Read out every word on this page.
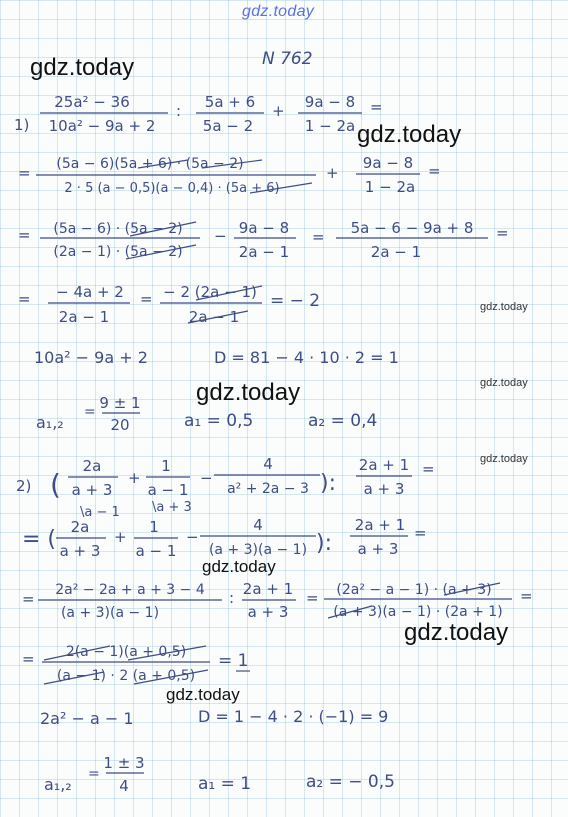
gdz.today
gdz.today
gdz.today
gdz.today
gdz.today
gdz.today
gdz.today
gdz.today
gdz.today
gdz.today
N 762
1)
25a² − 36
10a² − 9a + 2
: 5a + 6
5a − 2
+ 9a − 8
1 − 2a
=
= (5a − 6)(5a + 6) · (5a − 2)
2 · 5 (a − 0,5)(a − 0,4) · (5a + 6)
+
9a − 8
1 − 2a
=
= (5a − 6) · (5a − 2)
(2a − 1) · (5a − 2)
− 9a − 8
2a − 1
= 5a − 6 − 9a + 8
2a − 1
=
= − 4a + 2
2a − 1
= − 2 (2a − 1)
2a − 1
= − 2
10a² − 9a + 2	D = 81 − 4 · 10 · 2 = 1
a₁,₂
= 9 ± 1
20	a₁ = 0,5	a₂ = 0,4
2) (
2a
a + 3
+
1
a − 1
−
4
a² + 2a − 3 ):
2a + 1
a + 3
=
\a − 1 \a + 3
= ( 2a
a + 3
+
1
a − 1
−
4
(a + 3)(a − 1) ):
2a + 1
a + 3
=
= 2a² − 2a + a + 3 − 4
(a + 3)(a − 1)
: 2a + 1
a + 3
= (2a² − a − 1) · (a + 3)
(a + 3)(a − 1) · (2a + 1)
=
= 2(a − 1)(a + 0,5)
(a − 1) · 2 (a + 0,5)
= 1
2a² − a − 1	D = 1 − 4 · 2 · (−1) = 9
a₁,₂
=
1 ± 3
4	a₁ = 1	a₂ = − 0,5
